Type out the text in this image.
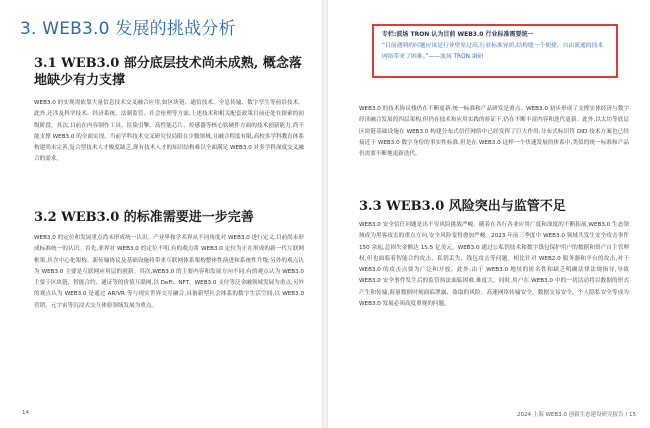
3. WEB3.0 发展的挑战分析
3.1 WEB3.0 部分底层技术尚未成熟, 概念落地缺少有力支撑
WEB3.0 的实现需依靠大量信息技术交叉融合应用,如区块链、通信技术、全息传输、数字孪生等前沿技术。此外,还涉及科学技术、经济系统、法制监管、社会伦理等方面,上述技术和相关配套政策目前还处在探索的初级阶段。其次,目前在内容制作工具、渲染引擎、高性能芯片、传感器等核心软硬件方面的技术创新能力,尚不能支撑 WEB3.0 的全面实现。当前学科技术交叉研究仅局限在少数领域,且融合程度有限,高校多学科教育体系构建尚未完善,复合型技术人才极度缺乏,现有技术人才的知识结构难以全面满足 WEB3.0 对多学科深度交叉融合的需求。
3.2 WEB3.0 的标准需要进一步完善
WEB3.0 的定位和发展重点尚未形成统一认识。产业界和学术界从不同角度对 WEB3.0 进行定义,目前尚未形成标准统一的认识。首先,业界对 WEB3.0 的定位不明,有的观点将 WEB3.0 定位为正在形成的新一代互联网框架,其含中心化架构、新传输协议及基础设施将带来互联网体系架构整体性演进和系统性升级;另外的观点认为 WEB3.0 主要是互联网应用层的创新。其次,WEB3.0 的主要内容和发展方向不同,有的观点认为 WEB3.0 主要于区块链、智能合约、通证等的价值互联网,以 DeFi、NFT、WEB3.0 支付等泛金融领域发展为重点;另外的观点认为 WEB3.0 是通过 AR/VR 等与现实世界交互融合,具备新型社会体系的数字生活空间,以 WEB3.0 营销、元宇宙等沉浸式交互体验领域发展为重点。
14
专栏:波场 TRON 认为目前 WEB3.0 行业标准需要统一
“目前遇到的问题应该是行业壁垒过高,行业标准异质,结构缝一个便捷、自由流通的技术网络带来了困难。”——波场 TRON 调研
WEB3.0 的技术协议栈仍在不断更新,统一标准和产品研发是重点。WEB3.0 初步形成了支撑实体经济与数字经济融合发展的四层架构,但仍在技术和应用实践的验证下,仍在不断丰富内容和迭代更新。此外,以太坊等底层区块链基础设施在 WEB3.0 构建分布式信任网络中已经发挥了巨大作用,分布式标识符 DID 技术方案也已经接近于 WEB3.0 数字身份的事实性标准,但是在 WEB3.0 这样一个快速发展的体系中,类似的统一标准和产品仍需要不断地更新迭代。
3.3 WEB3.0 风险突出与监管不足
WEB3.0 安全信任问题是出不穷风险挑战严峻。随着在各行各业应用广度和深度的不断拓展,WEB3.0 生态领域成为黑客攻击的重点方向,安全风险变得愈加严峻。2023 年前三季度中 WEB3.0 领域共发生安全攻击事件 150 余起,总损失金额达 15.5 亿美元。WEB3.0 通过公私钥技术和数字钱包保护用户的数据和资产自主管理权,但也面临着智能合约攻击、私钥丢失、钱包攻击等问题。相比针对 WEB2.0 服务器和平台的攻击,对于 WEB3.0 的攻击点要为广泛和开放。此外,由于 WEB3.0 地址的匿名性和缺乏明确法律法规指导,导致 WEB3.0 安全事件发生后的监管执法面临困难,难度大。同时,用户在 WEB3.0 中的一切活动将以数据的形式产生和传输,海量数据时刻面临泄露、盗取的风险。高速网络传输安全、数据交易安全、个人隐私安全等成为 WEB3.0 发展必须高度重视的问题。
2024 上海 WEB3.0 创新生态建设研究报告 / 15
